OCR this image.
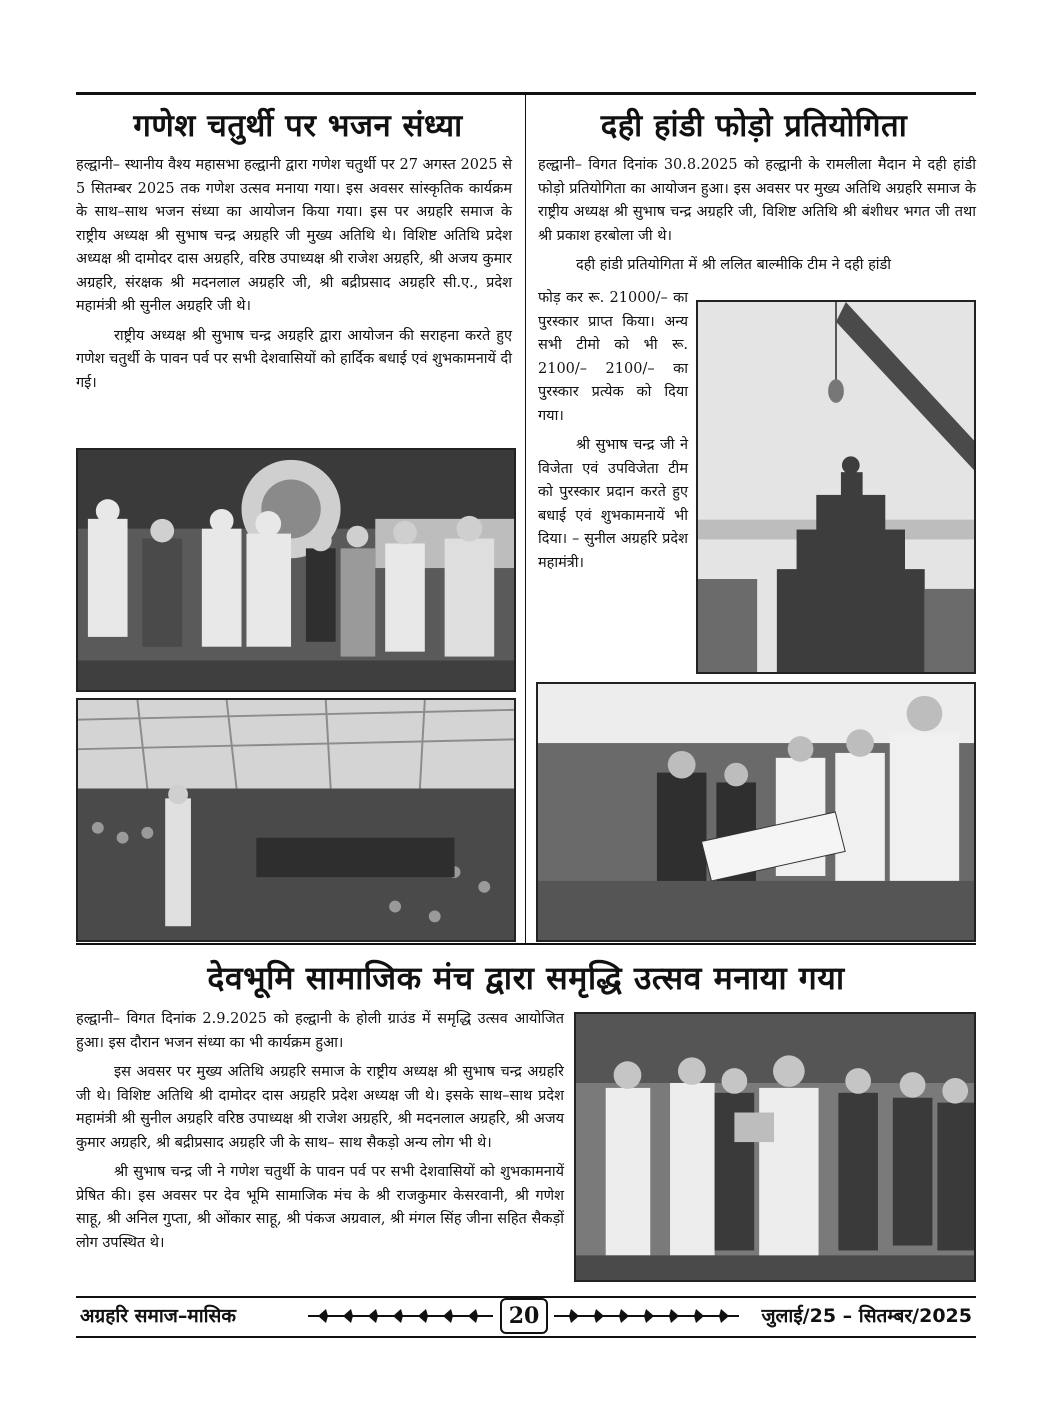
गणेश चतुर्थी पर भजन संध्या

हल्द्वानी– स्थानीय वैश्य महासभा हल्द्वानी द्वारा गणेश चतुर्थी पर 27 अगस्त 2025 से 5 सितम्बर 2025 तक गणेश उत्सव मनाया गया। इस अवसर सांस्कृतिक कार्यक्रम के साथ–साथ भजन संध्या का आयोजन किया गया। इस पर अग्रहरि समाज के राष्ट्रीय अध्यक्ष श्री सुभाष चन्द्र अग्रहरि जी मुख्य अतिथि थे। विशिष्ट अतिथि प्रदेश अध्यक्ष श्री दामोदर दास अग्रहरि, वरिष्ठ उपाध्यक्ष श्री राजेश अग्रहरि, श्री अजय कुमार अग्रहरि, संरक्षक श्री मदनलाल अग्रहरि जी, श्री बद्रीप्रसाद अग्रहरि सी.ए., प्रदेश महामंत्री श्री सुनील अग्रहरि जी थे।

राष्ट्रीय अध्यक्ष श्री सुभाष चन्द्र अग्रहरि द्वारा आयोजन की सराहना करते हुए गणेश चतुर्थी के पावन पर्व पर सभी देशवासियों को हार्दिक बधाई एवं शुभकामनायें दी गई।

दही हांडी फोड़ो प्रतियोगिता

हल्द्वानी– विगत दिनांक 30.8.2025 को हल्द्वानी के रामलीला मैदान मे दही हांडी फोड़ो प्रतियोगिता का आयोजन हुआ। इस अवसर पर मुख्य अतिथि अग्रहरि समाज के राष्ट्रीय अध्यक्ष श्री सुभाष चन्द्र अग्रहरि जी, विशिष्ट अतिथि श्री बंशीधर भगत जी तथा श्री प्रकाश हरबोला जी थे।

दही हांडी प्रतियोगिता में श्री ललित बाल्मीकि टीम ने दही हांडी

फोड़ कर रू. 21000/– का पुरस्कार प्राप्त किया। अन्य सभी टीमो को भी रू. 2100/– 2100/– का पुरस्कार प्रत्येक को दिया गया।

श्री सुभाष चन्द्र जी ने विजेता एवं उपविजेता टीम को पुरस्कार प्रदान करते हुए बधाई एवं शुभकामनायें भी दिया। – सुनील अग्रहरि प्रदेश महामंत्री।

देवभूमि सामाजिक मंच द्वारा समृद्धि उत्सव मनाया गया

हल्द्वानी– विगत दिनांक 2.9.2025 को हल्द्वानी के होली ग्राउंड में समृद्धि उत्सव आयोजित हुआ। इस दौरान भजन संध्या का भी कार्यक्रम हुआ।

इस अवसर पर मुख्य अतिथि अग्रहरि समाज के राष्ट्रीय अध्यक्ष श्री सुभाष चन्द्र अग्रहरि जी थे। विशिष्ट अतिथि श्री दामोदर दास अग्रहरि प्रदेश अध्यक्ष जी थे। इसके साथ–साथ प्रदेश महामंत्री श्री सुनील अग्रहरि वरिष्ठ उपाध्यक्ष श्री राजेश अग्रहरि, श्री मदनलाल अग्रहरि, श्री अजय कुमार अग्रहरि, श्री बद्रीप्रसाद अग्रहरि जी के साथ– साथ सैकड़ो अन्य लोग भी थे।

श्री सुभाष चन्द्र जी ने गणेश चतुर्थी के पावन पर्व पर सभी देशवासियों को शुभकामनायें प्रेषित की। इस अवसर पर देव भूमि सामाजिक मंच के श्री राजकुमार केसरवानी, श्री गणेश साहू, श्री अनिल गुप्ता, श्री ओंकार साहू, श्री पंकज अग्रवाल, श्री मंगल सिंह जीना सहित सैकड़ों लोग उपस्थित थे।

अग्रहरि समाज–मासिक	20	जुलाई/25 – सितम्बर/2025
